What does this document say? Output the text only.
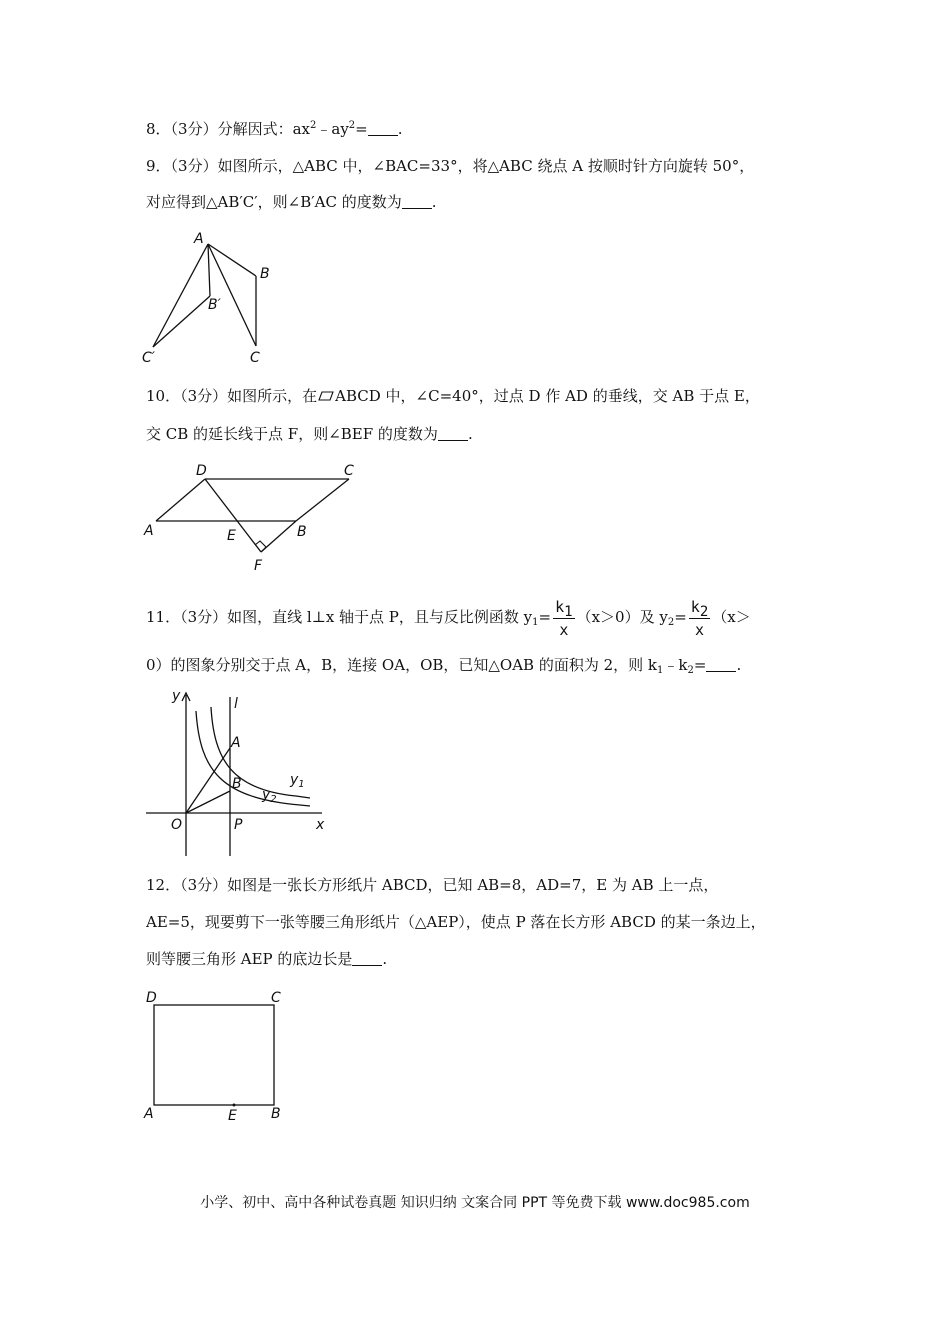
8．（3分）分解因式：$ax^2﹣ay^2=$ .
9．（3分）如图所示，△ABC 中，∠BAC=33°，将△ABC 绕点 A 按顺时针方向旋转 50°，
对应得到△AB′C′，则∠B′AC 的度数为 .
A
B
B′
C
C′
10．（3分）如图所示，在 ABCD 中，∠C=40°，过点 D 作 AD 的垂线，交 AB 于点 E，
交 CB 的延长线于点 F，则∠BEF 的度数为 .
D	C
A	E	B
F
11．（3分）如图，直线 l⊥x 轴于点 P，且与反比例函数 $y_1= \frac{k_1}{x} (x>0)$及 $y_2= \frac{k_2}{x} (x>$
0）的图象分别交于点 A，B，连接 OA，OB，已知△OAB 的面积为 2，则 $k_1﹣k_2=$ .
y	l
A
B	$y_1$
$y_2$
O	P	x
12．（3分）如图是一张长方形纸片 ABCD，已知 AB=8，AD=7，E 为 AB 上一点，
AE=5，现要剪下一张等腰三角形纸片（△AEP），使点 P 落在长方形 ABCD 的某一条边上，
则等腰三角形 AEP 的底边长是 .
D	C
A	E B
小学、初中、高中各种试卷真题 知识归纳 文案合同 PPT 等免费下载 www.doc985.com
